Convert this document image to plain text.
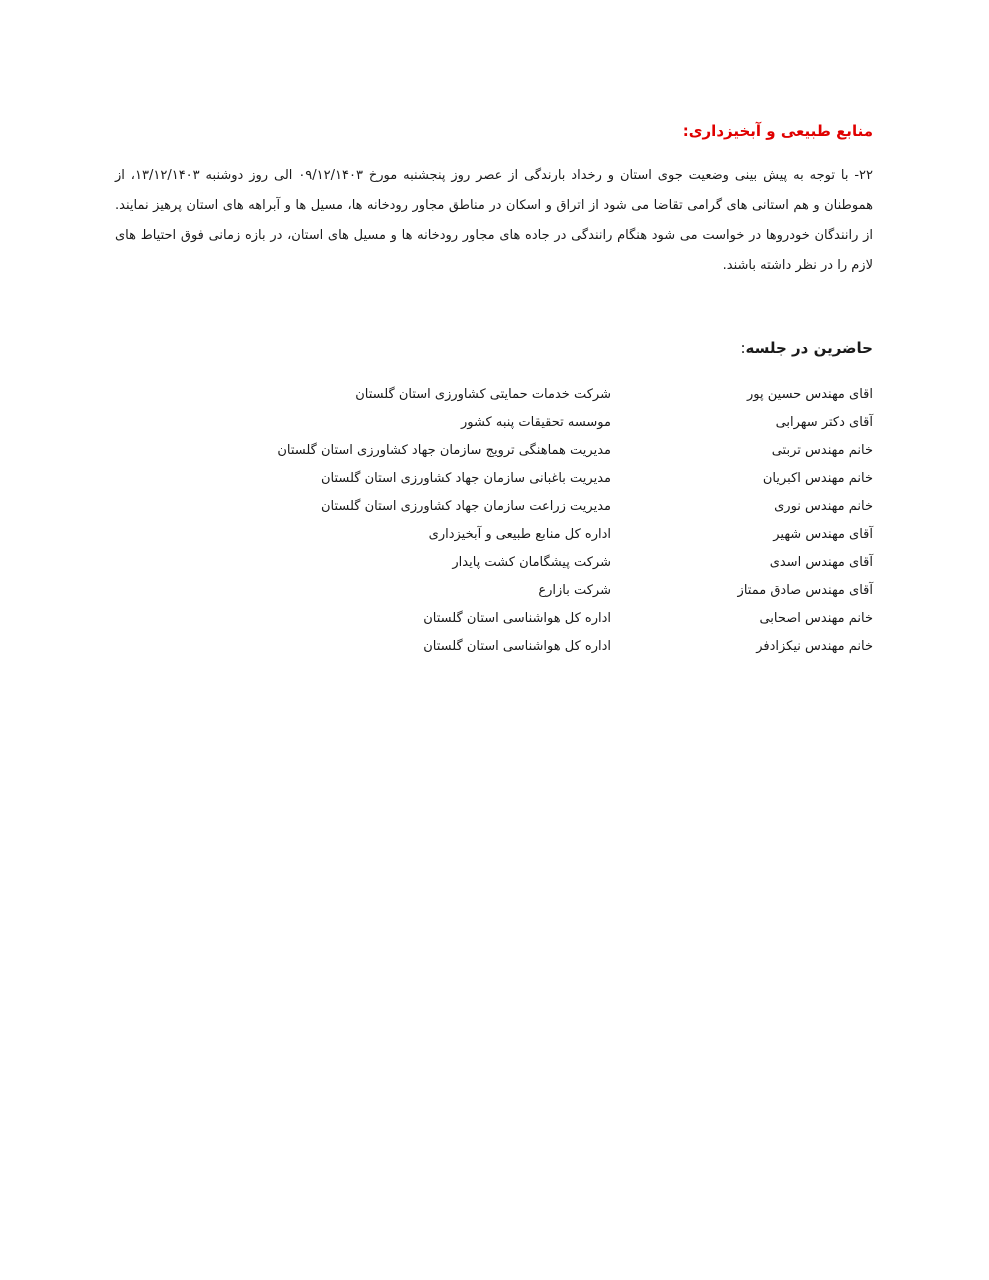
منابع طبیعی و آبخیزداری:

۲۲- با توجه به پیش بینی وضعیت جوی استان و رخداد بارندگی از عصر روز پنجشنبه مورخ ۰۹/۱۲/۱۴۰۳ الی روز دوشنبه ۱۳/۱۲/۱۴۰۳، از هموطنان و هم استانی های گرامی تقاضا می شود از اتراق و اسکان در مناطق مجاور رودخانه ها، مسیل ها و آبراهه های استان پرهیز نمایند. از رانندگان خودروها در خواست می شود هنگام رانندگی در جاده های مجاور رودخانه ها و مسیل های استان، در بازه زمانی فوق احتیاط های لازم را در نظر داشته باشند.

حاضرین در جلسه:
اقای مهندس حسین پور
شرکت خدمات حمایتی کشاورزی استان گلستان
آقای دکتر سهرابی
موسسه تحقیقات پنبه کشور
خانم مهندس تربتی
مدیریت هماهنگی ترویج سازمان جهاد کشاورزی استان گلستان
خانم مهندس اکبریان
مدیریت باغبانی سازمان جهاد کشاورزی استان گلستان
خانم مهندس نوری
مدیریت زراعت سازمان جهاد کشاورزی استان گلستان
آقای مهندس شهیر
اداره کل منابع طبیعی و آبخیزداری
آقای مهندس اسدی
شرکت پیشگامان کشت پایدار
آقای مهندس صادق ممتاز
شرکت بازارع
خانم مهندس اصحابی
اداره کل هواشناسی استان گلستان
خانم مهندس نیکزادفر
اداره کل هواشناسی استان گلستان
